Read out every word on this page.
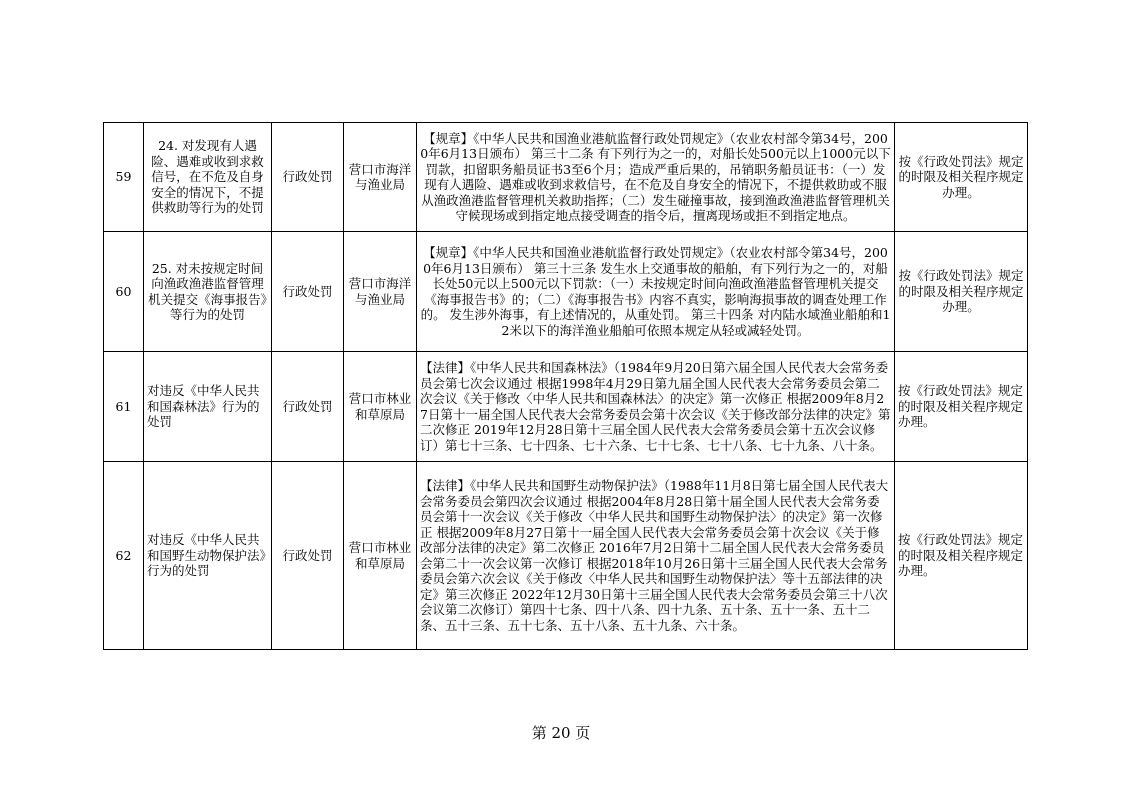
59	24. 对发现有人遇险、遇难或收到求救信号，在不危及自身安全的情况下，不提供救助等行为的处罚	行政处罚	营口市海洋与渔业局	【规章】《中华人民共和国渔业港航监督行政处罚规定》（农业农村部令第34号，2000年6月13日颁布） 第三十二条 有下列行为之一的，对船长处500元以上1000元以下罚款，扣留职务船员证书3至6个月；造成严重后果的，吊销职务船员证书：（一）发现有人遇险、遇难或收到求救信号，在不危及自身安全的情况下，不提供救助或不服从渔政渔港监督管理机关救助指挥；（二）发生碰撞事故，接到渔政渔港监督管理机关守候现场或到指定地点接受调查的指令后，擅离现场或拒不到指定地点。	按《行政处罚法》规定的时限及相关程序规定办理。
60	25. 对未按规定时间向渔政渔港监督管理机关提交《海事报告》等行为的处罚	行政处罚	营口市海洋与渔业局	【规章】《中华人民共和国渔业港航监督行政处罚规定》（农业农村部令第34号，2000年6月13日颁布） 第三十三条 发生水上交通事故的船舶，有下列行为之一的，对船长处50元以上500元以下罚款：（一）未按规定时间向渔政渔港监督管理机关提交《海事报告书》的；（二）《海事报告书》内容不真实，影响海损事故的调查处理工作的。 发生涉外海事，有上述情况的，从重处罚。 第三十四条 对内陆水域渔业船舶和12米以下的海洋渔业船舶可依照本规定从轻或减轻处罚。	按《行政处罚法》规定的时限及相关程序规定办理。
61	对违反《中华人民共和国森林法》行为的处罚	行政处罚	营口市林业和草原局	【法律】《中华人民共和国森林法》（1984年9月20日第六届全国人民代表大会常务委员会第七次会议通过 根据1998年4月29日第九届全国人民代表大会常务委员会第二次会议《关于修改〈中华人民共和国森林法〉的决定》第一次修正 根据2009年8月27日第十一届全国人民代表大会常务委员会第十次会议《关于修改部分法律的决定》第二次修正 2019年12月28日第十三届全国人民代表大会常务委员会第十五次会议修订）第七十三条、七十四条、七十六条、七十七条、七十八条、七十九条、八十条。	按《行政处罚法》规定的时限及相关程序规定办理。
62	对违反《中华人民共和国野生动物保护法》行为的处罚	行政处罚	营口市林业和草原局	【法律】《中华人民共和国野生动物保护法》（1988年11月8日第七届全国人民代表大会常务委员会第四次会议通过 根据2004年8月28日第十届全国人民代表大会常务委员会第十一次会议《关于修改〈中华人民共和国野生动物保护法〉的决定》第一次修正 根据2009年8月27日第十一届全国人民代表大会常务委员会第十次会议《关于修改部分法律的决定》第二次修正 2016年7月2日第十二届全国人民代表大会常务委员会第二十一次会议第一次修订 根据2018年10月26日第十三届全国人民代表大会常务委员会第六次会议《关于修改〈中华人民共和国野生动物保护法〉等十五部法律的决定》第三次修正 2022年12月30日第十三届全国人民代表大会常务委员会第三十八次会议第二次修订）第四十七条、四十八条、四十九条、五十条、五十一条、五十二条、五十三条、五十七条、五十八条、五十九条、六十条。	按《行政处罚法》规定的时限及相关程序规定办理。
第 20 页
